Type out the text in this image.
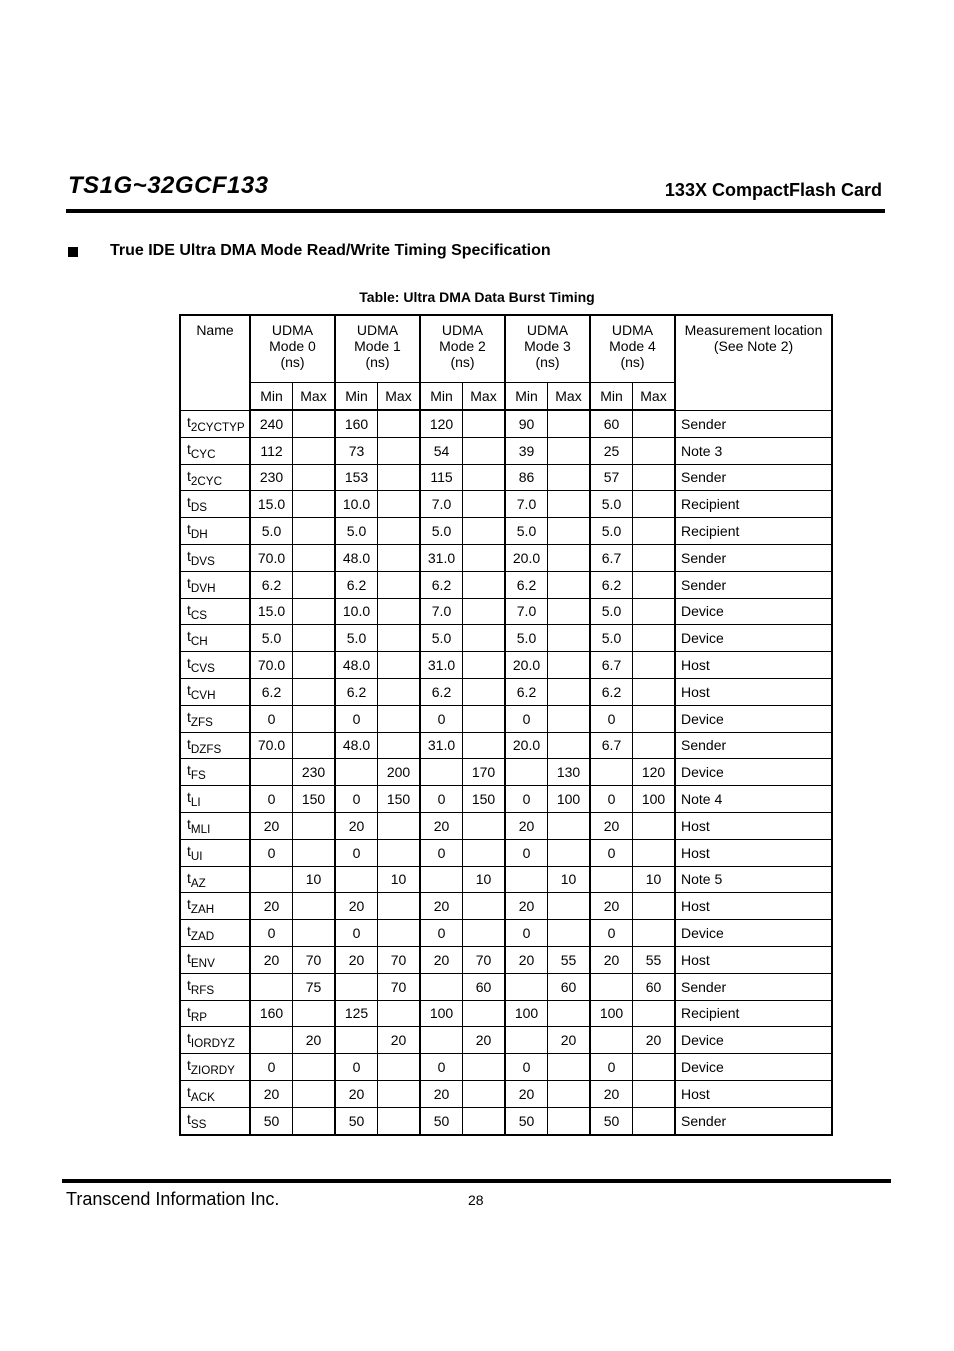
TS1G~32GCF133	133X CompactFlash Card
True IDE Ultra DMA Mode Read/Write Timing Specification
Table: Ultra DMA Data Burst Timing
Name	UDMA
Mode 0
(ns)		UDMA
Mode 1
(ns)		UDMA
Mode 2
(ns)		UDMA
Mode 3
(ns)		UDMA
Mode 4
(ns)		Measurement location
(See Note 2)
	Min	Max	Min	Max	Min	Max	Min	Max	Min	Max	
$t_{2CYCTYP}$	240		160		120		90		60		Sender
$t_{CYC}$	112		73		54		39		25		Note 3
$t_{2CYC}$	230		153		115		86		57		Sender
$t_{DS}$	15.0		10.0		7.0		7.0		5.0		Recipient
$t_{DH}$	5.0		5.0		5.0		5.0		5.0		Recipient
$t_{DVS}$	70.0		48.0		31.0		20.0		6.7		Sender
$t_{DVH}$	6.2		6.2		6.2		6.2		6.2		Sender
$t_{CS}$	15.0		10.0		7.0		7.0		5.0		Device
$t_{CH}$	5.0		5.0		5.0		5.0		5.0		Device
$t_{CVS}$	70.0		48.0		31.0		20.0		6.7		Host
$t_{CVH}$	6.2		6.2		6.2		6.2		6.2		Host
$t_{ZFS}$	0		0		0		0		0		Device
$t_{DZFS}$	70.0		48.0		31.0		20.0		6.7		Sender
$t_{FS}$		230		200		170		130		120	Device
$t_{LI}$	0	150	0	150	0	150	0	100	0	100	Note 4
$t_{MLI}$	20		20		20		20		20		Host
$t_{UI}$	0		0		0		0		0		Host
$t_{AZ}$		10		10		10		10		10	Note 5
$t_{ZAH}$	20		20		20		20		20		Host
$t_{ZAD}$	0		0		0		0		0		Device
$t_{ENV}$	20	70	20	70	20	70	20	55	20	55	Host
$t_{RFS}$		75		70		60		60		60	Sender
$t_{RP}$	160		125		100		100		100		Recipient
$t_{IORDYZ}$		20		20		20		20		20	Device
$t_{ZIORDY}$	0		0		0		0		0		Device
$t_{ACK}$	20		20		20		20		20		Host
$t_{SS}$	50		50		50		50		50		Sender
Transcend Information Inc.	28
